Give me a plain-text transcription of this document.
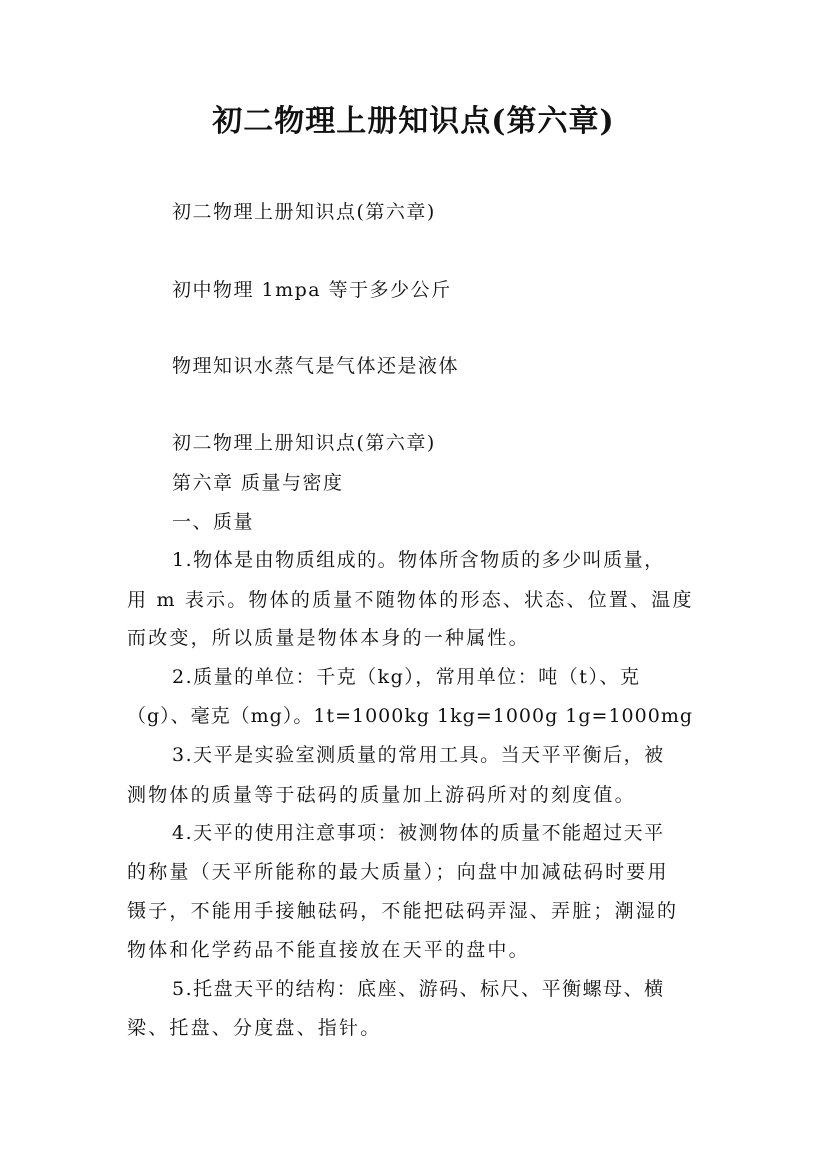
初二物理上册知识点(第六章)
初二物理上册知识点(第六章)
初中物理 1mpa 等于多少公斤
物理知识水蒸气是气体还是液体
初二物理上册知识点(第六章)
第六章 质量与密度
一、质量
1.物体是由物质组成的。物体所含物质的多少叫质量，
用 m 表示。物体的质量不随物体的形态、状态、位置、温度
而改变，所以质量是物体本身的一种属性。
2.质量的单位：千克（kg），常用单位：吨（t）、克
（g）、毫克（mg）。1t=1000kg 1kg=1000g 1g=1000mg
3.天平是实验室测质量的常用工具。当天平平衡后，被
测物体的质量等于砝码的质量加上游码所对的刻度值。
4.天平的使用注意事项：被测物体的质量不能超过天平
的称量（天平所能称的最大质量）；向盘中加减砝码时要用
镊子，不能用手接触砝码，不能把砝码弄湿、弄脏；潮湿的
物体和化学药品不能直接放在天平的盘中。
5.托盘天平的结构：底座、游码、标尺、平衡螺母、横
梁、托盘、分度盘、指针。
